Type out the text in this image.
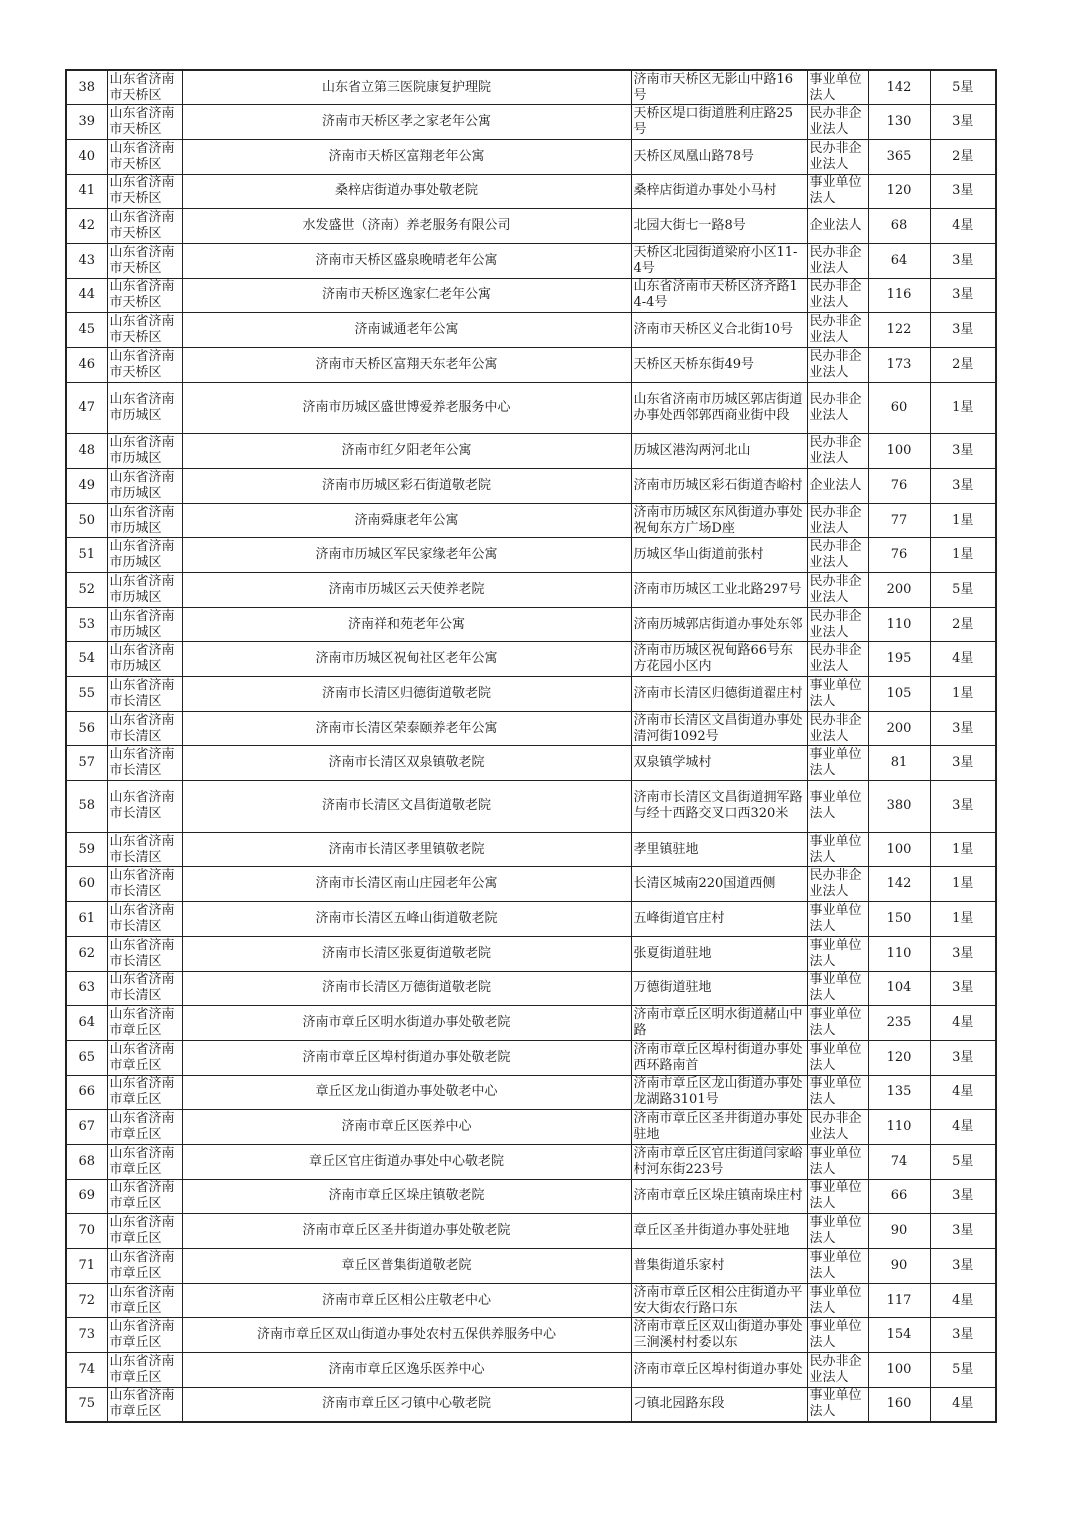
38	山东省济南市天桥区	山东省立第三医院康复护理院	济南市天桥区无影山中路16号	事业单位法人	142	5星
39	山东省济南市天桥区	济南市天桥区孝之家老年公寓	天桥区堤口街道胜利庄路25号	民办非企业法人	130	3星
40	山东省济南市天桥区	济南市天桥区富翔老年公寓	天桥区凤凰山路78号	民办非企业法人	365	2星
41	山东省济南市天桥区	桑梓店街道办事处敬老院	桑梓店街道办事处小马村	事业单位法人	120	3星
42	山东省济南市天桥区	水发盛世（济南）养老服务有限公司	北园大街七一路8号	企业法人	68	4星
43	山东省济南市天桥区	济南市天桥区盛泉晚晴老年公寓	天桥区北园街道梁府小区11-4号	民办非企业法人	64	3星
44	山东省济南市天桥区	济南市天桥区逸家仁老年公寓	山东省济南市天桥区济齐路14-4号	民办非企业法人	116	3星
45	山东省济南市天桥区	济南诚通老年公寓	济南市天桥区义合北街10号	民办非企业法人	122	3星
46	山东省济南市天桥区	济南市天桥区富翔天东老年公寓	天桥区天桥东街49号	民办非企业法人	173	2星
47	山东省济南市历城区	济南市历城区盛世博爱养老服务中心	山东省济南市历城区郭店街道办事处西邻郭西商业街中段	民办非企业法人	60	1星
48	山东省济南市历城区	济南市红夕阳老年公寓	历城区港沟两河北山	民办非企业法人	100	3星
49	山东省济南市历城区	济南市历城区彩石街道敬老院	济南市历城区彩石街道杏峪村	企业法人	76	3星
50	山东省济南市历城区	济南舜康老年公寓	济南市历城区东风街道办事处祝甸东方广场D座	民办非企业法人	77	1星
51	山东省济南市历城区	济南市历城区军民家缘老年公寓	历城区华山街道前张村	民办非企业法人	76	1星
52	山东省济南市历城区	济南市历城区云天使养老院	济南市历城区工业北路297号	民办非企业法人	200	5星
53	山东省济南市历城区	济南祥和苑老年公寓	济南历城郭店街道办事处东邻	民办非企业法人	110	2星
54	山东省济南市历城区	济南市历城区祝甸社区老年公寓	济南市历城区祝甸路66号东方花园小区内	民办非企业法人	195	4星
55	山东省济南市长清区	济南市长清区归德街道敬老院	济南市长清区归德街道翟庄村	事业单位法人	105	1星
56	山东省济南市长清区	济南市长清区荣泰颐养老年公寓	济南市长清区文昌街道办事处清河街1092号	民办非企业法人	200	3星
57	山东省济南市长清区	济南市长清区双泉镇敬老院	双泉镇学城村	事业单位法人	81	3星
58	山东省济南市长清区	济南市长清区文昌街道敬老院	济南市长清区文昌街道拥军路与经十西路交叉口西320米	事业单位法人	380	3星
59	山东省济南市长清区	济南市长清区孝里镇敬老院	孝里镇驻地	事业单位法人	100	1星
60	山东省济南市长清区	济南市长清区南山庄园老年公寓	长清区城南220国道西侧	民办非企业法人	142	1星
61	山东省济南市长清区	济南市长清区五峰山街道敬老院	五峰街道官庄村	事业单位法人	150	1星
62	山东省济南市长清区	济南市长清区张夏街道敬老院	张夏街道驻地	事业单位法人	110	3星
63	山东省济南市长清区	济南市长清区万德街道敬老院	万德街道驻地	事业单位法人	104	3星
64	山东省济南市章丘区	济南市章丘区明水街道办事处敬老院	济南市章丘区明水街道赭山中路	事业单位法人	235	4星
65	山东省济南市章丘区	济南市章丘区埠村街道办事处敬老院	济南市章丘区埠村街道办事处西环路南首	事业单位法人	120	3星
66	山东省济南市章丘区	章丘区龙山街道办事处敬老中心	济南市章丘区龙山街道办事处龙湖路3101号	事业单位法人	135	4星
67	山东省济南市章丘区	济南市章丘区医养中心	济南市章丘区圣井街道办事处驻地	民办非企业法人	110	4星
68	山东省济南市章丘区	章丘区官庄街道办事处中心敬老院	济南市章丘区官庄街道闫家峪村河东街223号	事业单位法人	74	5星
69	山东省济南市章丘区	济南市章丘区垛庄镇敬老院	济南市章丘区垛庄镇南垛庄村	事业单位法人	66	3星
70	山东省济南市章丘区	济南市章丘区圣井街道办事处敬老院	章丘区圣井街道办事处驻地	事业单位法人	90	3星
71	山东省济南市章丘区	章丘区普集街道敬老院	普集街道乐家村	事业单位法人	90	3星
72	山东省济南市章丘区	济南市章丘区相公庄敬老中心	济南市章丘区相公庄街道办平安大街农行路口东	事业单位法人	117	4星
73	山东省济南市章丘区	济南市章丘区双山街道办事处农村五保供养服务中心	济南市章丘区双山街道办事处三涧溪村村委以东	事业单位法人	154	3星
74	山东省济南市章丘区	济南市章丘区逸乐医养中心	济南市章丘区埠村街道办事处	民办非企业法人	100	5星
75	山东省济南市章丘区	济南市章丘区刁镇中心敬老院	刁镇北园路东段	事业单位法人	160	4星
